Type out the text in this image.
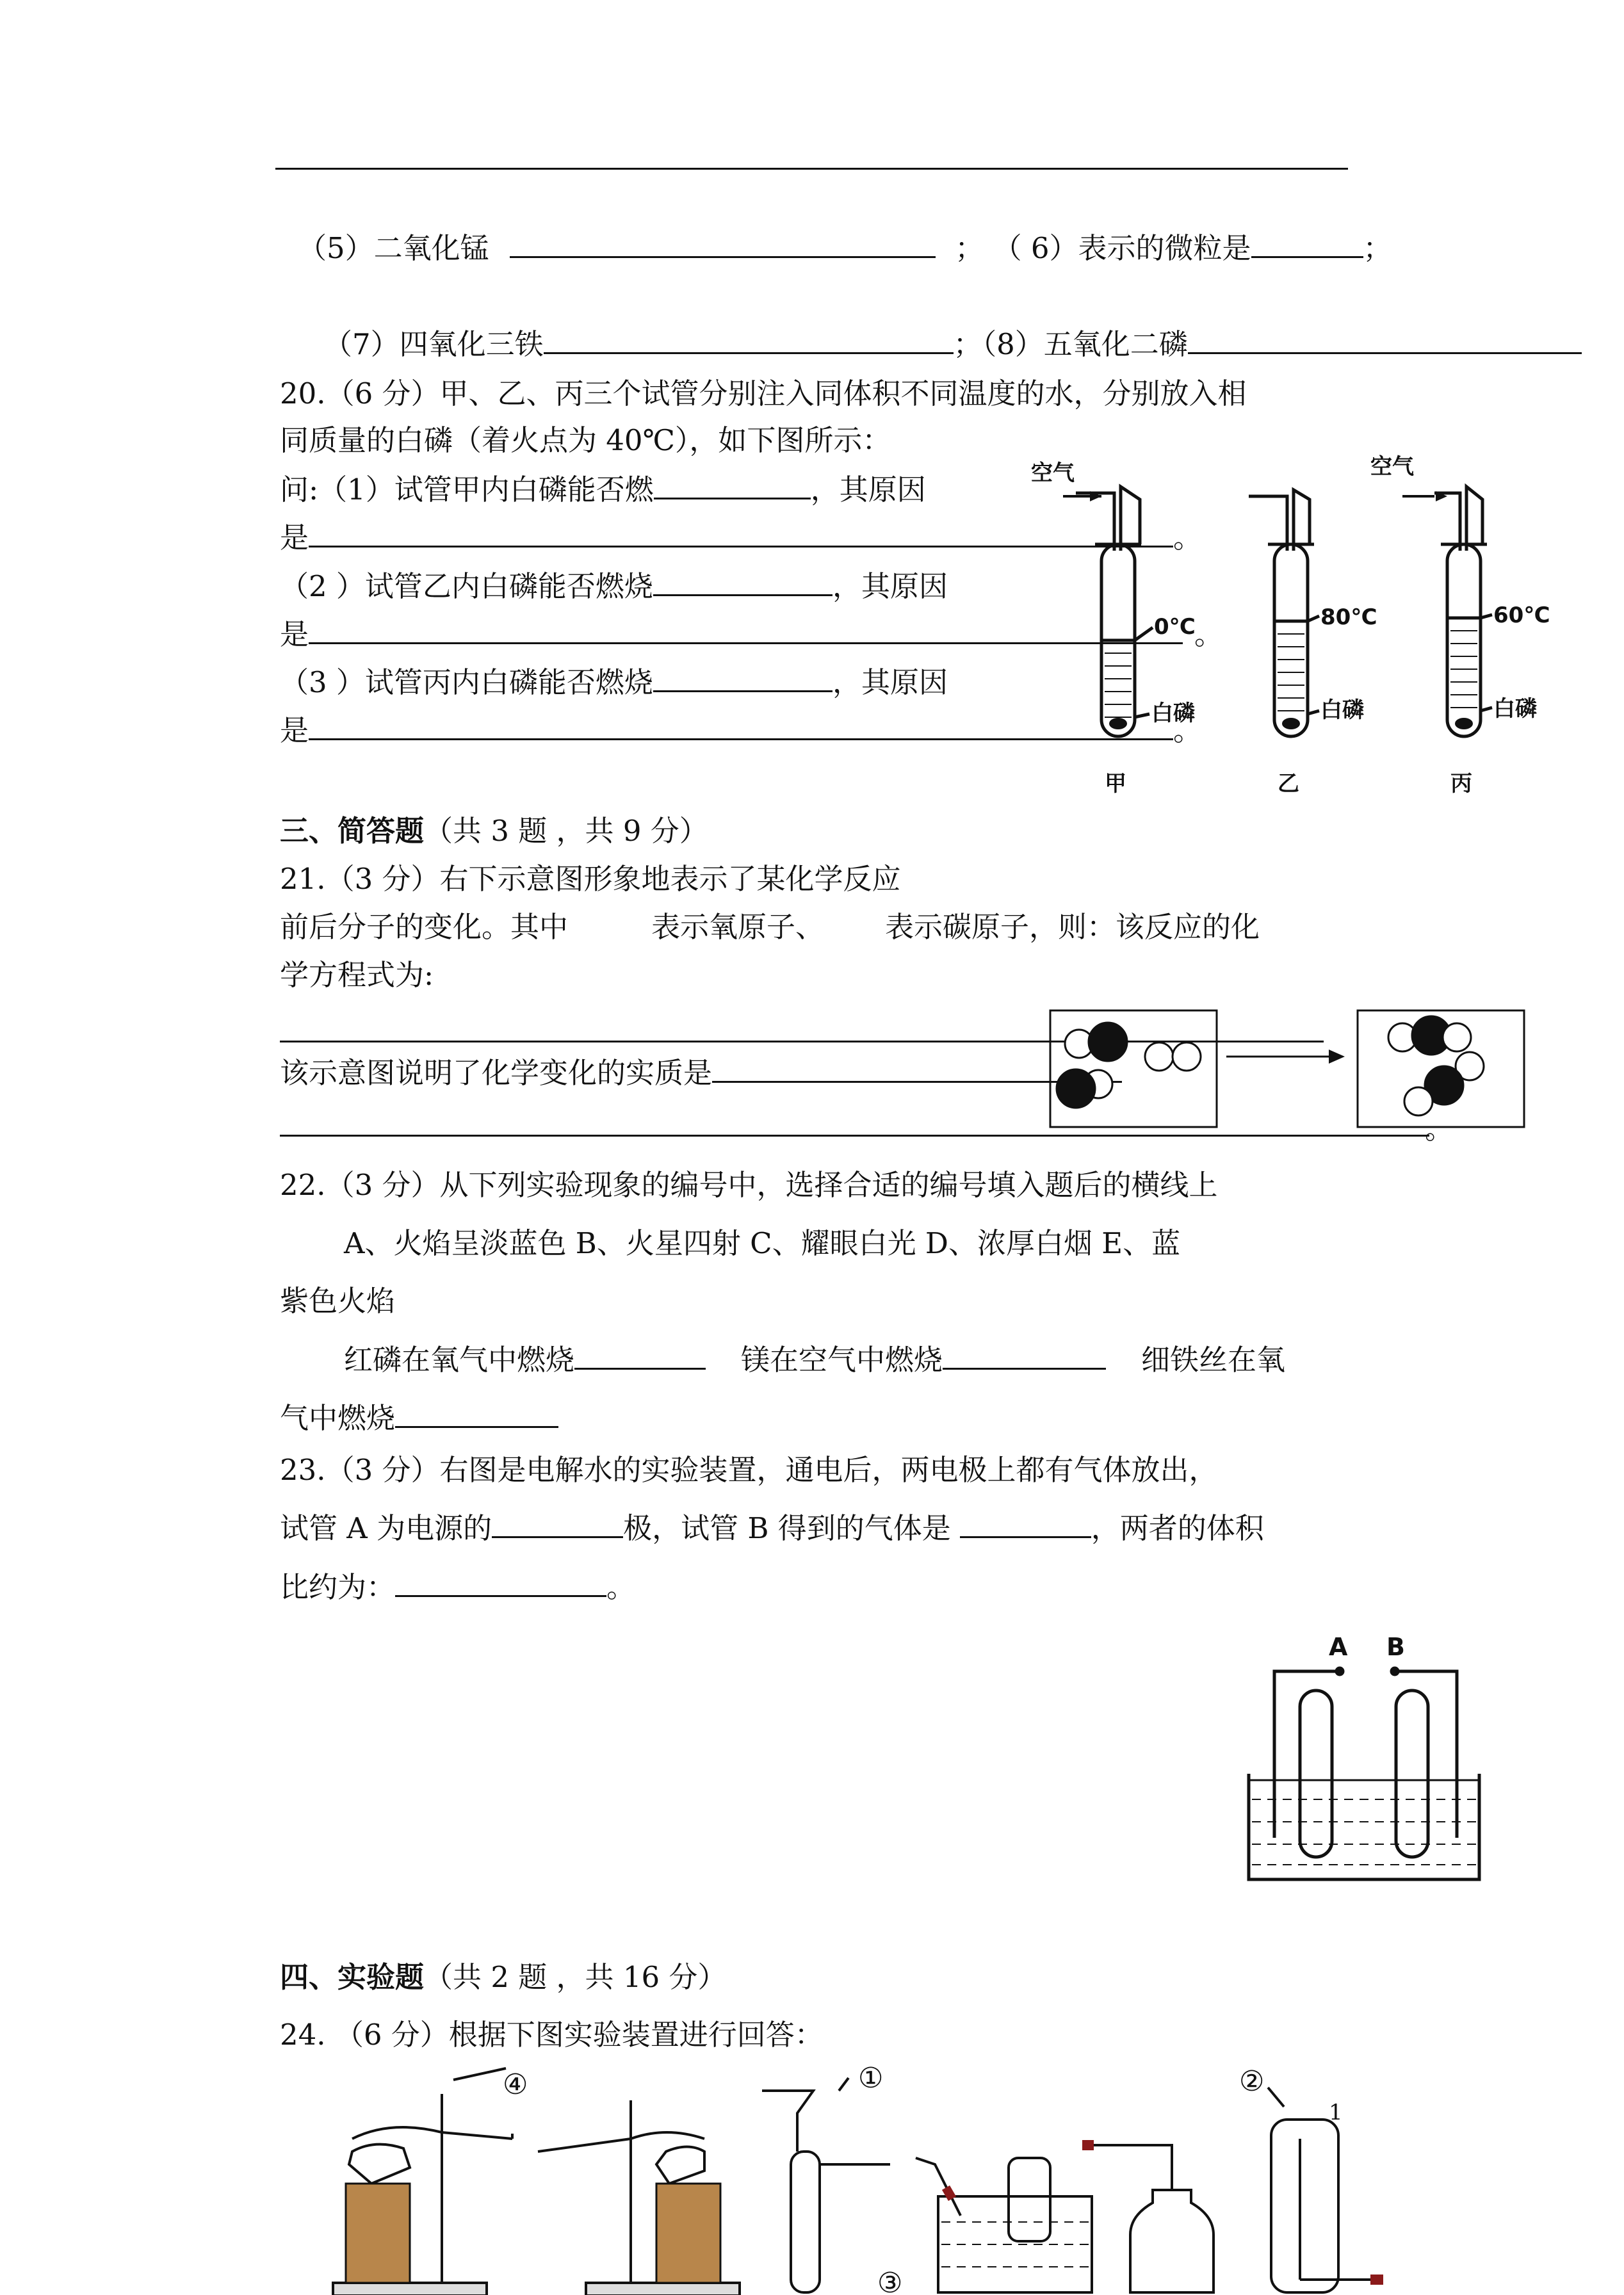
（5）二氧化锰	； （ 6）表示的微粒是	；
（7）四氧化三铁	；（8）五氧化二磷
20.（6 分）甲、乙、丙三个试管分别注入同体积不同温度的水，分别放入相
同质量的白磷（着火点为 40℃），如下图所示：
问:（1）试管甲内白磷能否燃	，其原因
是	。
（2 ）试管乙内白磷能否燃烧	，其原因
是	。
（3 ）试管丙内白磷能否燃烧	，其原因
是	。
空气	空气
0℃	80℃	60℃
白磷	白磷	白磷
甲	乙	丙
三、简答题（共 3 题 ，共 9 分）
21.（3 分）右下示意图形象地表示了某化学反应
前后分子的变化。其中	表示氧原子、 表示碳原子，则：该反应的化
学方程式为:
该示意图说明了化学变化的实质是
。
22.（3 分）从下列实验现象的编号中，选择合适的编号填入题后的横线上
A、火焰呈淡蓝色 B、火星四射 C、耀眼白光 D、浓厚白烟 E、蓝
紫色火焰
红磷在氧气中燃烧	镁在空气中燃烧	细铁丝在氧
气中燃烧
23.（3 分）右图是电解水的实验装置，通电后，两电极上都有气体放出，
试管 A 为电源的	极，试管 B 得到的气体是	，两者的体积
比约为：	。
A B
四、实验题（共 2 题 ，共 16 分）
24. （6 分）根据下图实验装置进行回答：
④	①	②
③
1
